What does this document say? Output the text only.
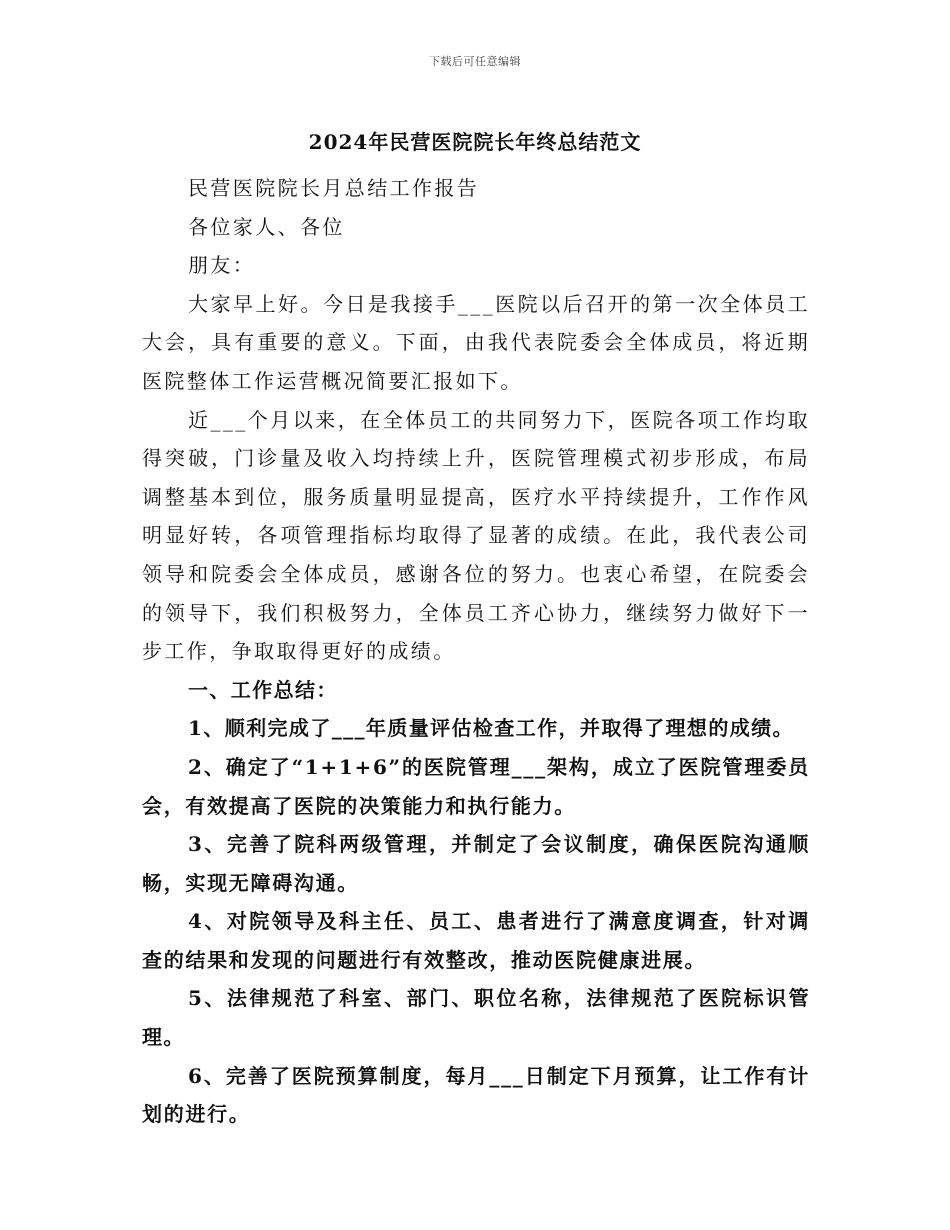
下载后可任意编辑
2024年民营医院院长年终总结范文

民营医院院长月总结工作报告

各位家人、各位

朋友：

大家早上好。今日是我接手___医院以后召开的第一次全体员工大会，具有重要的意义。下面，由我代表院委会全体成员，将近期医院整体工作运营概况简要汇报如下。

近___个月以来，在全体员工的共同努力下，医院各项工作均取得突破，门诊量及收入均持续上升，医院管理模式初步形成，布局调整基本到位，服务质量明显提高，医疗水平持续提升，工作作风明显好转，各项管理指标均取得了显著的成绩。在此，我代表公司领导和院委会全体成员，感谢各位的努力。也衷心希望，在院委会的领导下，我们积极努力，全体员工齐心协力，继续努力做好下一步工作，争取取得更好的成绩。

一、工作总结：

1、顺利完成了___年质量评估检查工作，并取得了理想的成绩。

2、确定了“1+1+6”的医院管理___架构，成立了医院管理委员会，有效提高了医院的决策能力和执行能力。

3、完善了院科两级管理，并制定了会议制度，确保医院沟通顺畅，实现无障碍沟通。

4、对院领导及科主任、员工、患者进行了满意度调查，针对调查的结果和发现的问题进行有效整改，推动医院健康进展。

5、法律规范了科室、部门、职位名称，法律规范了医院标识管理。

6、完善了医院预算制度，每月___日制定下月预算，让工作有计划的进行。
